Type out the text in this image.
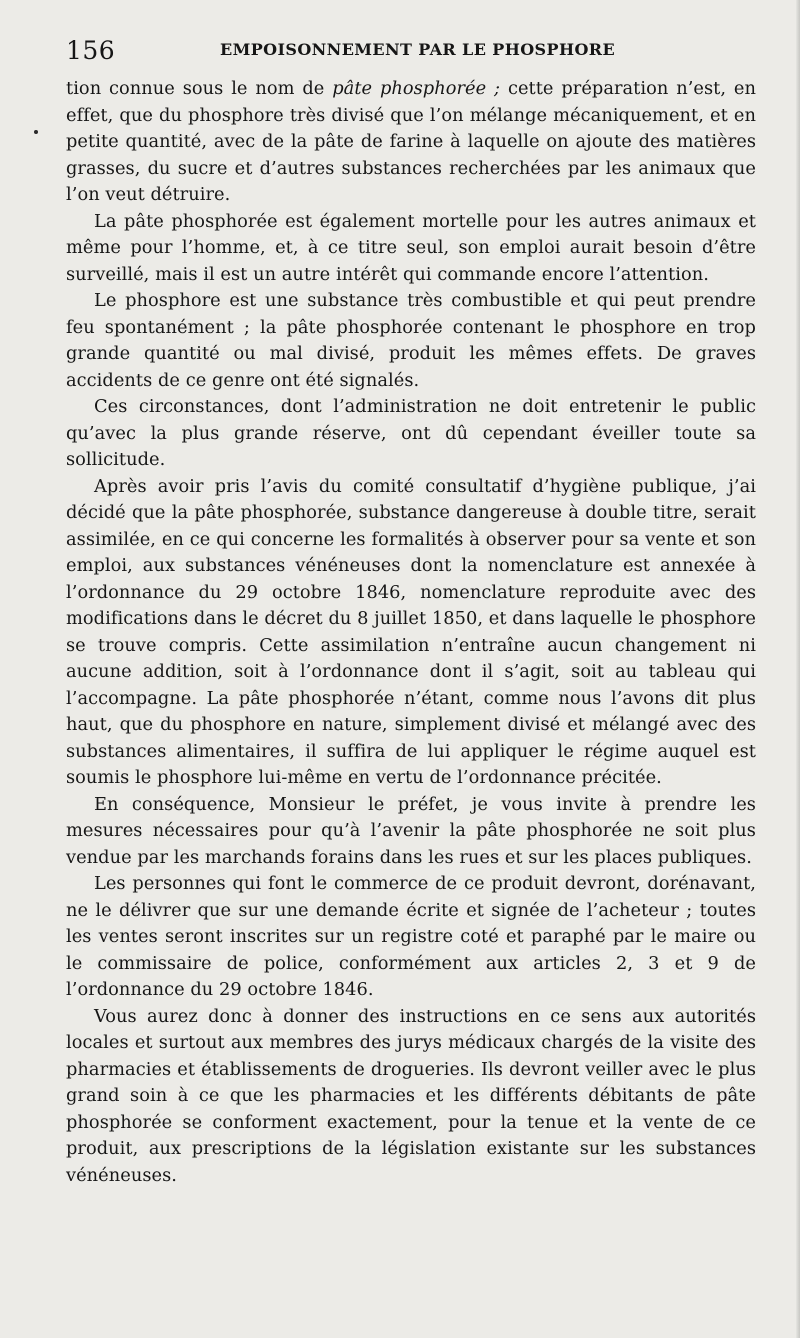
156	EMPOISONNEMENT PAR LE PHOSPHORE

tion connue sous le nom de pâte phosphorée ; cette préparation n’est, en effet, que du phosphore très divisé que l’on mélange mécaniquement, et en petite quantité, avec de la pâte de farine à laquelle on ajoute des matières grasses, du sucre et d’autres substances recherchées par les animaux que l’on veut détruire.

La pâte phosphorée est également mortelle pour les autres animaux et même pour l’homme, et, à ce titre seul, son emploi aurait besoin d’être surveillé, mais il est un autre intérêt qui commande encore l’attention.

Le phosphore est une substance très combustible et qui peut prendre feu spontanément ; la pâte phosphorée contenant le phosphore en trop grande quantité ou mal divisé, produit les mêmes effets. De graves accidents de ce genre ont été signalés.

Ces circonstances, dont l’administration ne doit entretenir le public qu’avec la plus grande réserve, ont dû cependant éveiller toute sa sollicitude.

Après avoir pris l’avis du comité consultatif d’hygiène publique, j’ai décidé que la pâte phosphorée, substance dangereuse à double titre, serait assimilée, en ce qui concerne les formalités à observer pour sa vente et son emploi, aux substances vénéneuses dont la nomenclature est annexée à l’ordonnance du 29 octobre 1846, nomenclature reproduite avec des modifications dans le décret du 8 juillet 1850, et dans laquelle le phosphore se trouve compris. Cette assimilation n’entraîne aucun changement ni aucune addition, soit à l’ordonnance dont il s’agit, soit au tableau qui l’accompagne. La pâte phosphorée n’étant, comme nous l’avons dit plus haut, que du phosphore en nature, simplement divisé et mélangé avec des substances alimentaires, il suffira de lui appliquer le régime auquel est soumis le phosphore lui-même en vertu de l’ordonnance précitée.

En conséquence, Monsieur le préfet, je vous invite à prendre les mesures nécessaires pour qu’à l’avenir la pâte phosphorée ne soit plus vendue par les marchands forains dans les rues et sur les places publiques.

Les personnes qui font le commerce de ce produit devront, dorénavant, ne le délivrer que sur une demande écrite et signée de l’acheteur ; toutes les ventes seront inscrites sur un registre coté et paraphé par le maire ou le commissaire de police, conformément aux articles 2, 3 et 9 de l’ordonnance du 29 octobre 1846.

Vous aurez donc à donner des instructions en ce sens aux autorités locales et surtout aux membres des jurys médicaux chargés de la visite des pharmacies et établissements de drogueries. Ils devront veiller avec le plus grand soin à ce que les pharmacies et les différents débitants de pâte phosphorée se conforment exactement, pour la tenue et la vente de ce produit, aux prescriptions de la législation existante sur les substances vénéneuses.
